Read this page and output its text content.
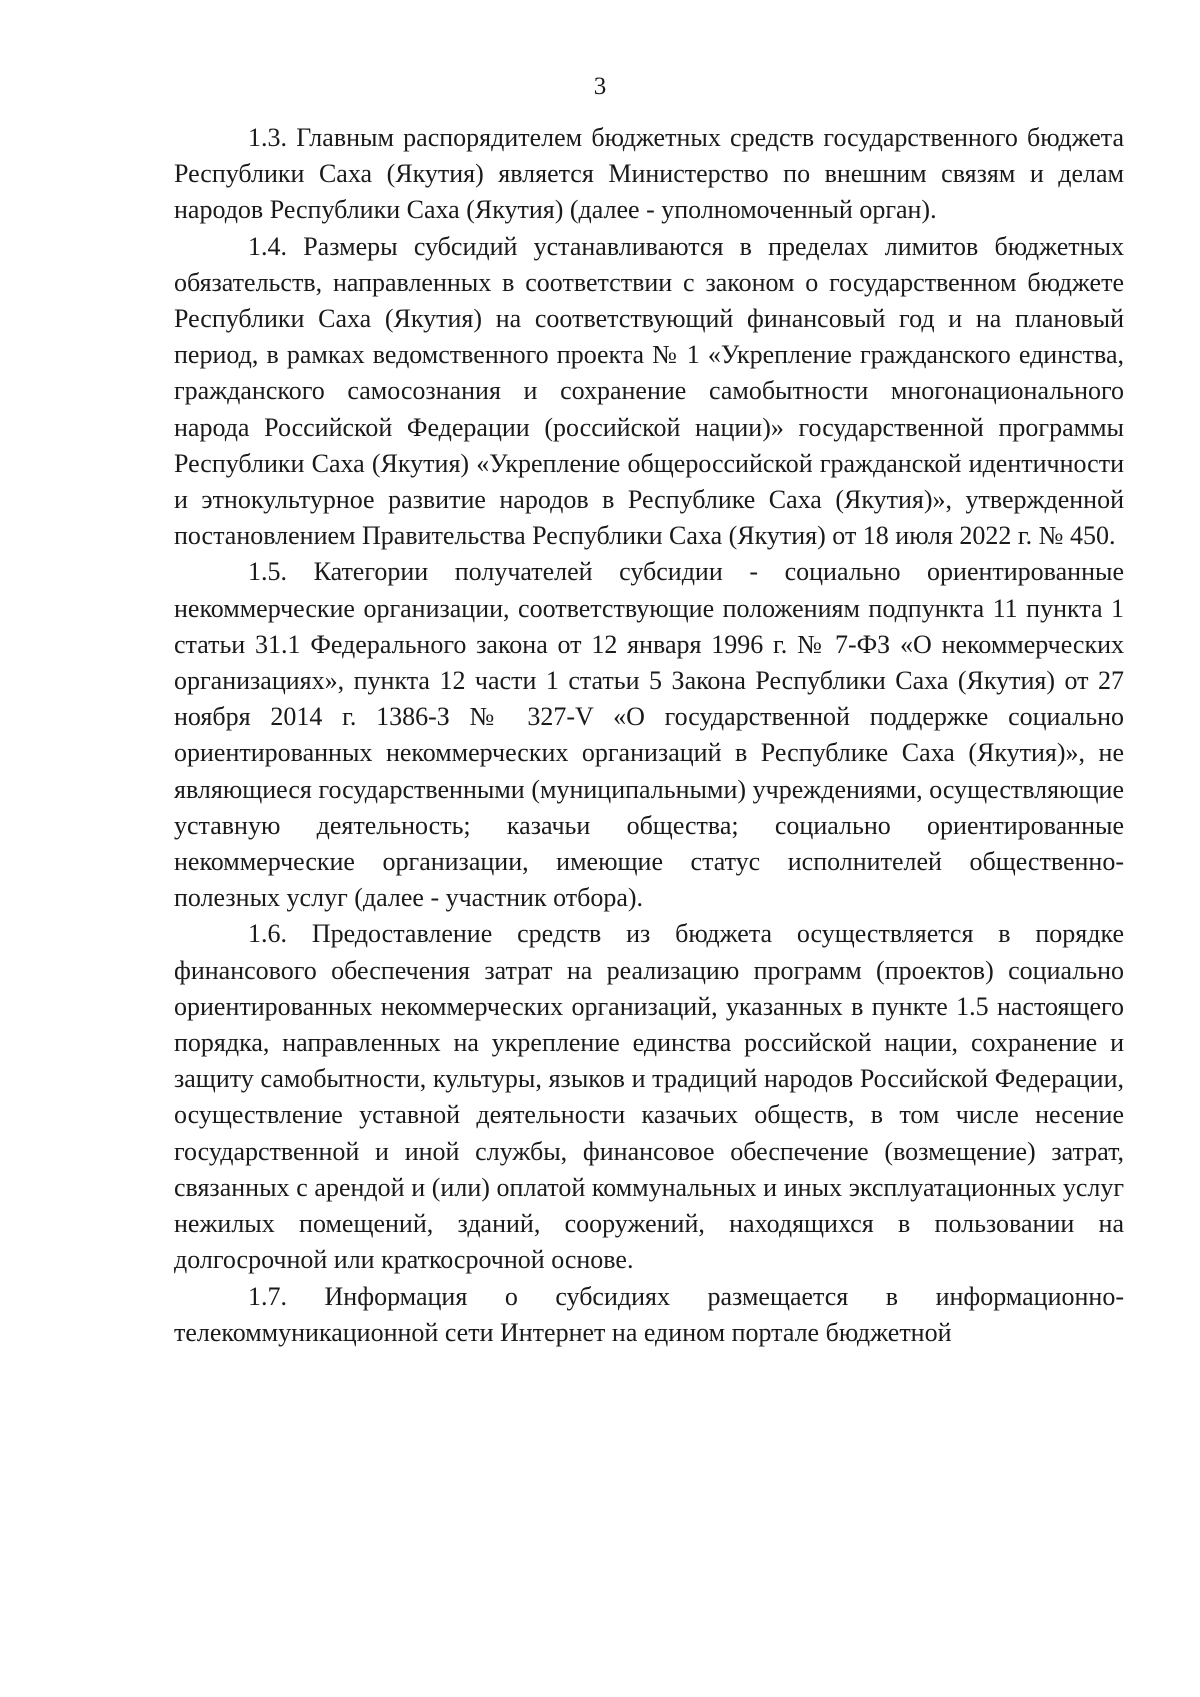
3

1.3. Главным распорядителем бюджетных средств государственного бюджета Республики Саха (Якутия) является Министерство по внешним связям и делам народов Республики Саха (Якутия) (далее - уполномоченный орган).

1.4. Размеры субсидий устанавливаются в пределах лимитов бюджетных обязательств, направленных в соответствии с законом о государственном бюджете Республики Саха (Якутия) на соответствующий финансовый год и на плановый период, в рамках ведомственного проекта № 1 «Укрепление гражданского единства, гражданского самосознания и сохранение самобытности многонационального народа Российской Федерации (российской нации)» государственной программы Республики Саха (Якутия) «Укрепление общероссийской гражданской идентичности и этнокультурное развитие народов в Республике Саха (Якутия)», утвержденной постановлением Правительства Республики Саха (Якутия) от 18 июля 2022 г. № 450.

1.5. Категории получателей субсидии - социально ориентированные некоммерческие организации, соответствующие положениям подпункта 11 пункта 1 статьи 31.1 Федерального закона от 12 января 1996 г. № 7-ФЗ «О некоммерческих организациях», пункта 12 части 1 статьи 5 Закона Республики Саха (Якутия) от 27 ноября 2014 г. 1386-З № 327-V «О государственной поддержке социально ориентированных некоммерческих организаций в Республике Саха (Якутия)», не являющиеся государственными (муниципальными) учреждениями, осуществляющие уставную деятельность; казачьи общества; социально ориентированные некоммерческие организации, имеющие статус исполнителей общественно-полезных услуг (далее - участник отбора).

1.6. Предоставление средств из бюджета осуществляется в порядке финансового обеспечения затрат на реализацию программ (проектов) социально ориентированных некоммерческих организаций, указанных в пункте 1.5 настоящего порядка, направленных на укрепление единства российской нации, сохранение и защиту самобытности, культуры, языков и традиций народов Российской Федерации, осуществление уставной деятельности казачьих обществ, в том числе несение государственной и иной службы, финансовое обеспечение (возмещение) затрат, связанных с арендой и (или) оплатой коммунальных и иных эксплуатационных услуг нежилых помещений, зданий, сооружений, находящихся в пользовании на долгосрочной или краткосрочной основе.

1.7. Информация о субсидиях размещается в информационно-телекоммуникационной сети Интернет на едином портале бюджетной
